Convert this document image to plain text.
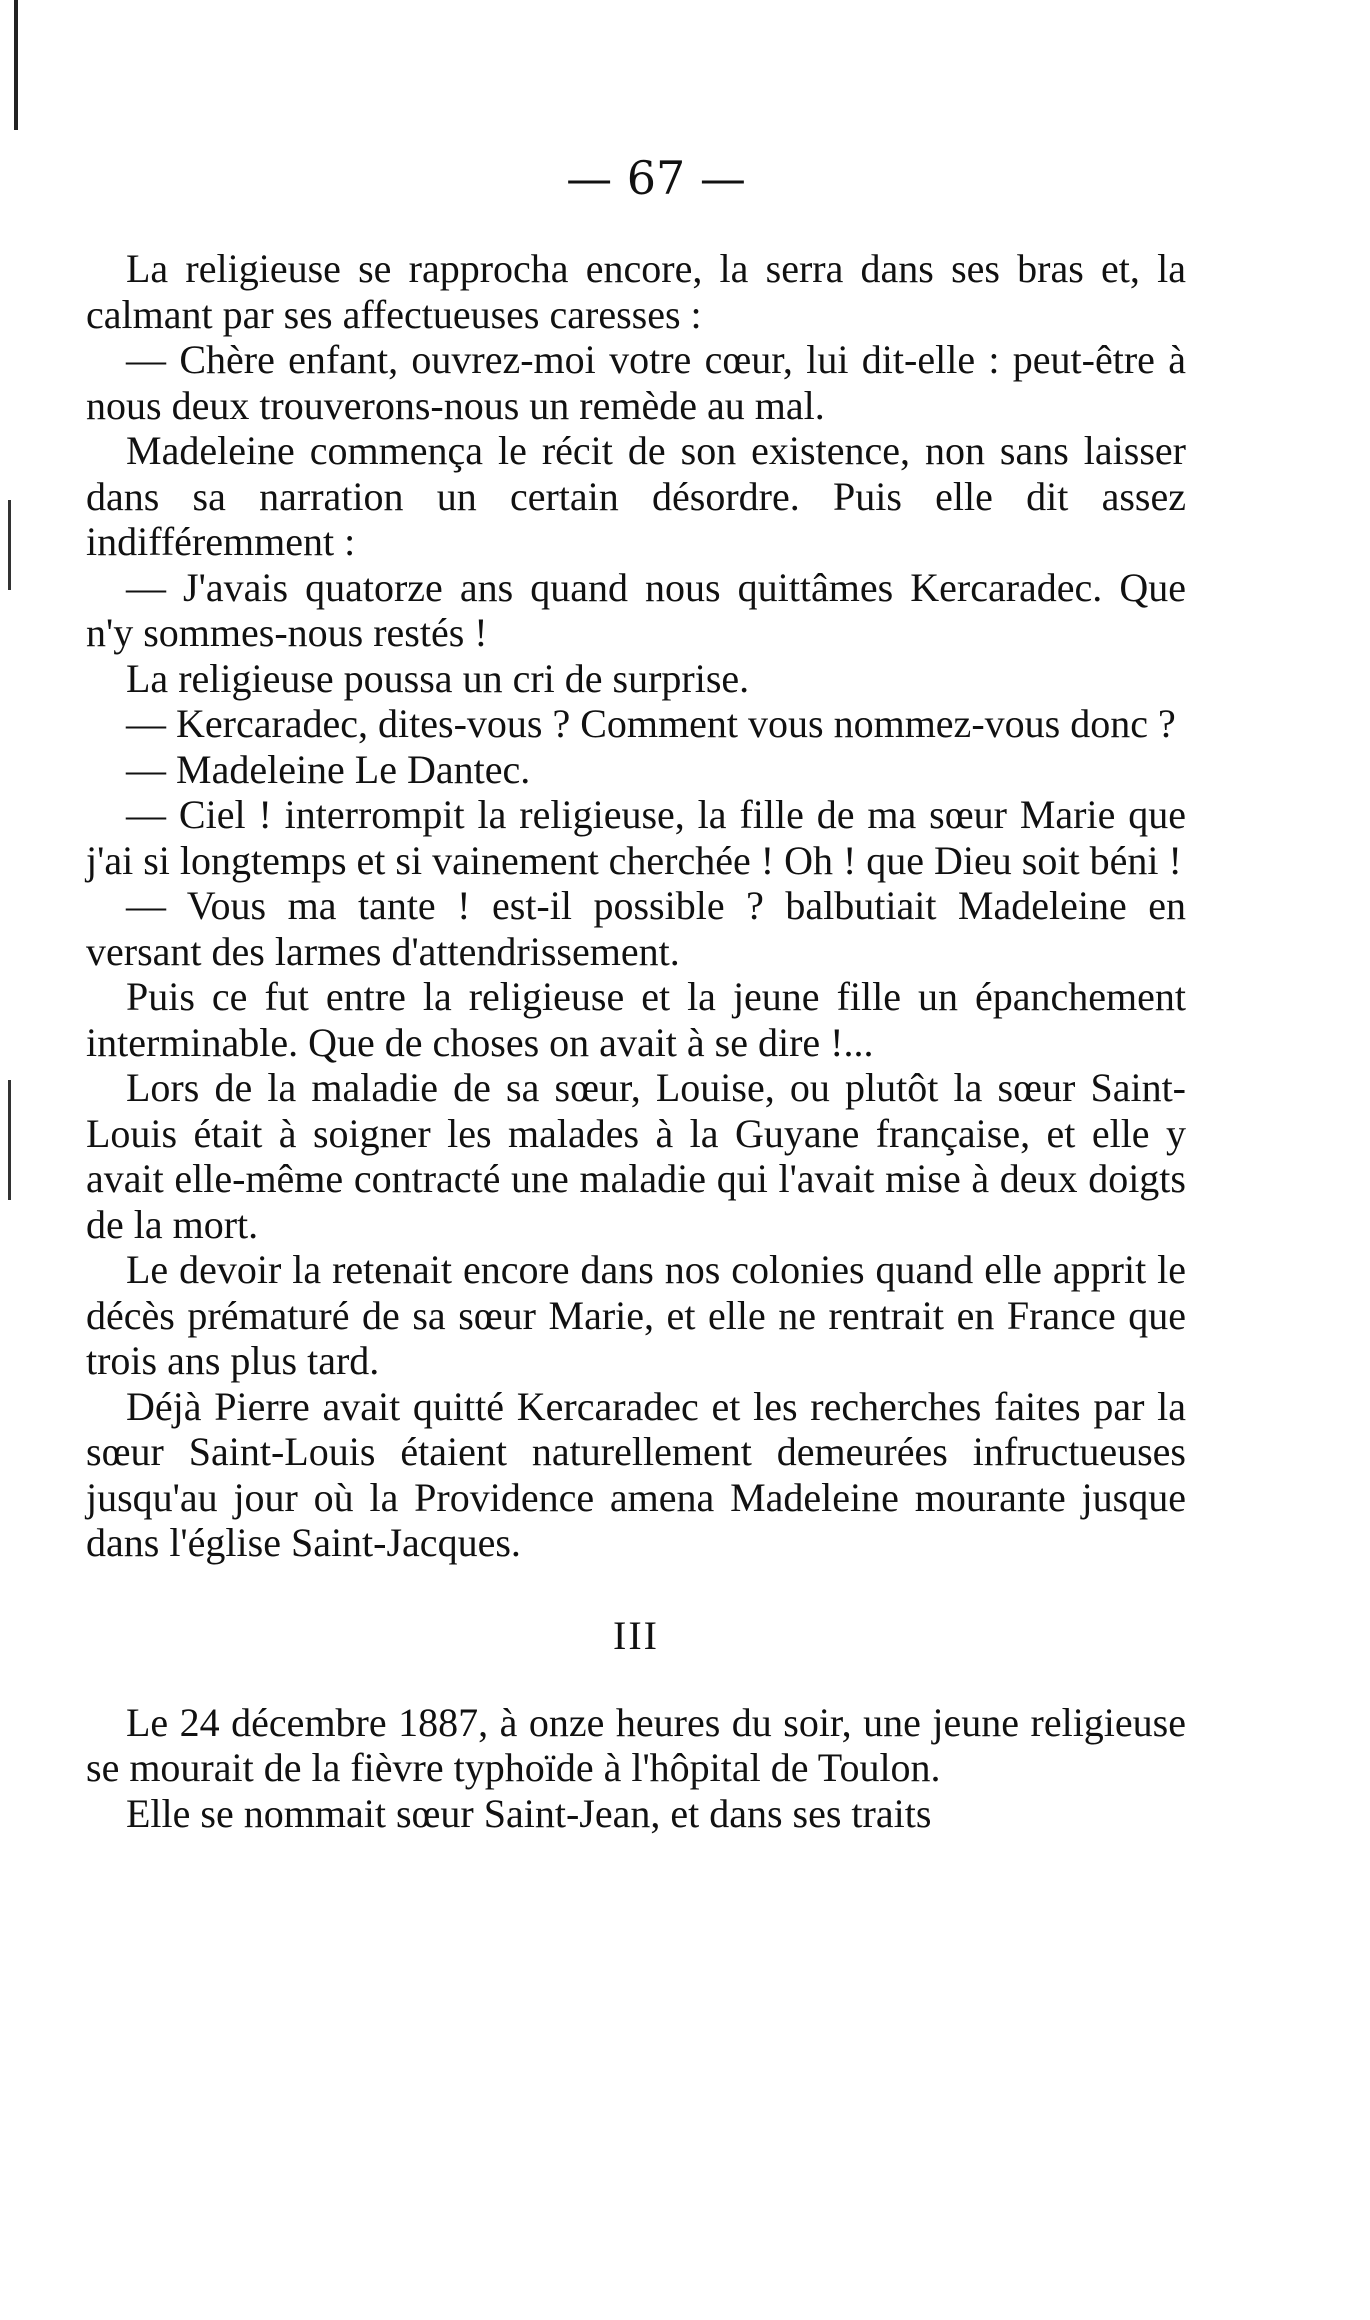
— 67 —

La religieuse se rapprocha encore, la serra dans ses bras et, la calmant par ses affectueuses caresses :

— Chère enfant, ouvrez-moi votre cœur, lui dit-elle : peut-être à nous deux trouverons-nous un remède au mal.

Madeleine commença le récit de son existence, non sans laisser dans sa narration un certain désordre. Puis elle dit assez indifféremment :

— J'avais quatorze ans quand nous quittâmes Kercaradec. Que n'y sommes-nous restés !

La religieuse poussa un cri de surprise.

— Kercaradec, dites-vous ? Comment vous nommez-vous donc ?

— Madeleine Le Dantec.

— Ciel ! interrompit la religieuse, la fille de ma sœur Marie que j'ai si longtemps et si vainement cherchée ! Oh ! que Dieu soit béni !

— Vous ma tante ! est-il possible ? balbutiait Madeleine en versant des larmes d'attendrissement.

Puis ce fut entre la religieuse et la jeune fille un épanchement interminable. Que de choses on avait à se dire !...

Lors de la maladie de sa sœur, Louise, ou plutôt la sœur Saint-Louis était à soigner les malades à la Guyane française, et elle y avait elle-même contracté une maladie qui l'avait mise à deux doigts de la mort.

Le devoir la retenait encore dans nos colonies quand elle apprit le décès prématuré de sa sœur Marie, et elle ne rentrait en France que trois ans plus tard.

Déjà Pierre avait quitté Kercaradec et les recherches faites par la sœur Saint-Louis étaient naturellement demeurées infructueuses jusqu'au jour où la Providence amena Madeleine mourante jusque dans l'église Saint-Jacques.

III

Le 24 décembre 1887, à onze heures du soir, une jeune religieuse se mourait de la fièvre typhoïde à l'hôpital de Toulon.

Elle se nommait sœur Saint-Jean, et dans ses traits
